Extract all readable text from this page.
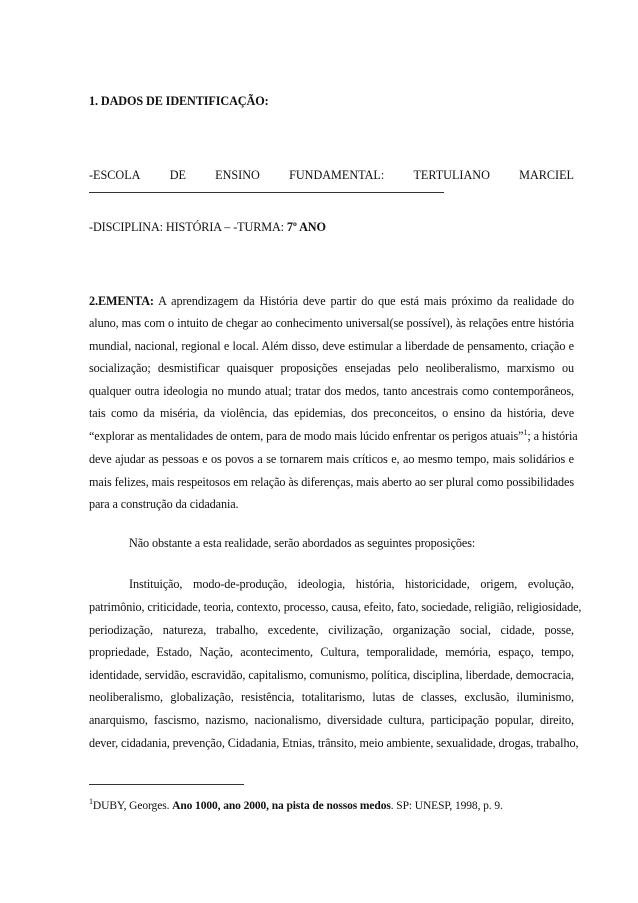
1. DADOS DE IDENTIFICAÇÃO:
-ESCOLA DE ENSINO FUNDAMENTAL: TERTULIANO MARCIEL
-DISCIPLINA: HISTÓRIA – -TURMA: 7º ANO
2.EMENTA: A aprendizagem da História deve partir do que está mais próximo da realidade do
aluno, mas com o intuito de chegar ao conhecimento universal(se possível), às relações entre história
mundial, nacional, regional e local. Além disso, deve estimular a liberdade de pensamento, criação e
socialização; desmistificar quaisquer proposições ensejadas pelo neoliberalismo, marxismo ou
qualquer outra ideologia no mundo atual; tratar dos medos, tanto ancestrais como contemporâneos,
tais como da miséria, da violência, das epidemias, dos preconceitos, o ensino da história, deve
“explorar as mentalidades de ontem, para de modo mais lúcido enfrentar os perigos atuais”$^1$; a história
deve ajudar as pessoas e os povos a se tornarem mais críticos e, ao mesmo tempo, mais solidários e
mais felizes, mais respeitosos em relação às diferenças, mais aberto ao ser plural como possibilidades
para a construção da cidadania.
Não obstante a esta realidade, serão abordados as seguintes proposições:
Instituição, modo-de-produção, ideologia, história, historicidade, origem, evolução,
patrimônio, criticidade, teoria, contexto, processo, causa, efeito, fato, sociedade, religião, religiosidade,
periodização, natureza, trabalho, excedente, civilização, organização social, cidade, posse,
propriedade, Estado, Nação, acontecimento, Cultura, temporalidade, memória, espaço, tempo,
identidade, servidão, escravidão, capitalismo, comunismo, política, disciplina, liberdade, democracia,
neoliberalismo, globalização, resistência, totalitarismo, lutas de classes, exclusão, iluminismo,
anarquismo, fascismo, nazismo, nacionalismo, diversidade cultura, participação popular, direito,
dever, cidadania, prevenção, Cidadania, Etnias, trânsito, meio ambiente, sexualidade, drogas, trabalho,
$^1$DUBY, Georges. Ano 1000, ano 2000, na pista de nossos medos. SP: UNESP, 1998, p. 9.
